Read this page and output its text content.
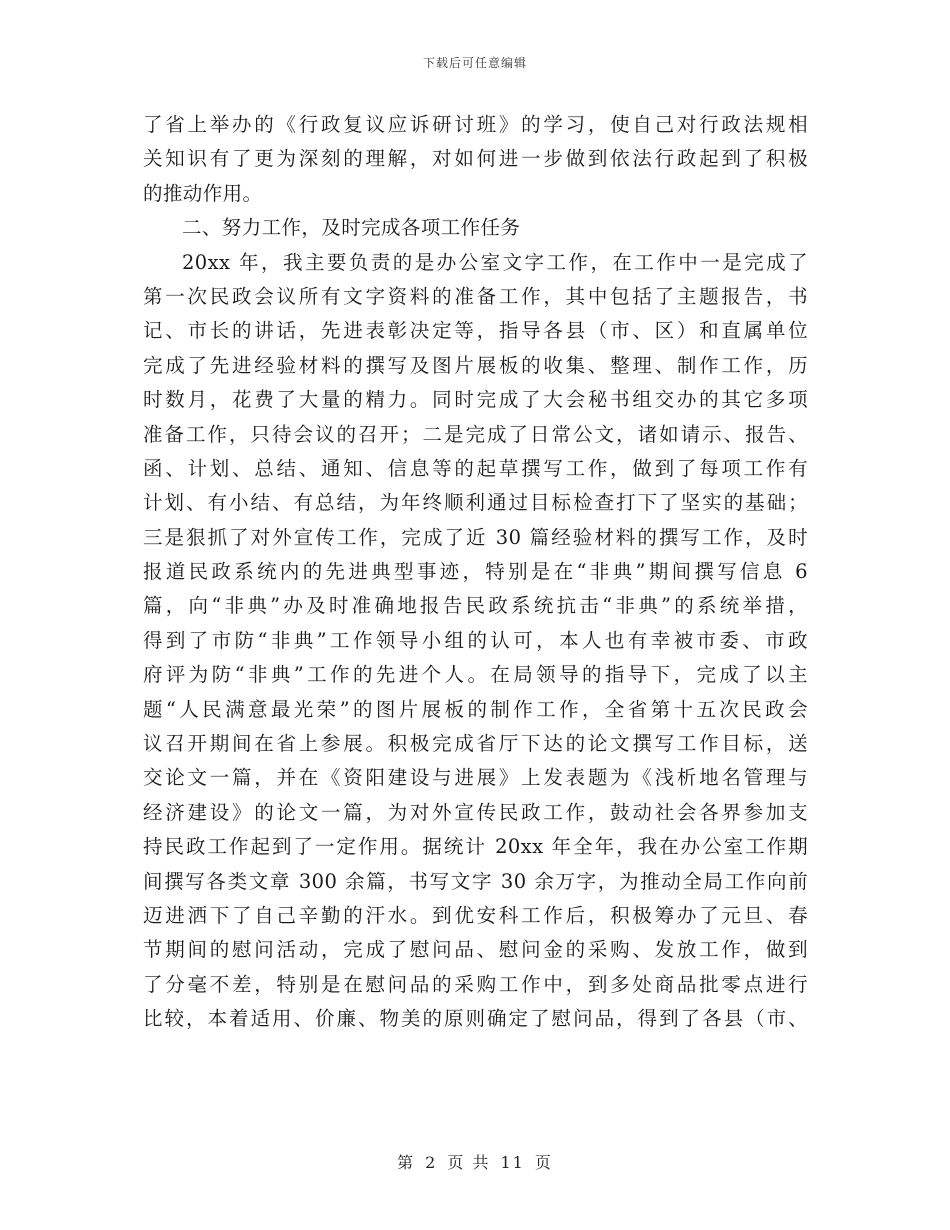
下载后可任意编辑
了省上举办的《行政复议应诉研讨班》的学习，使自己对行政法规相
关知识有了更为深刻的理解，对如何进一步做到依法行政起到了积极
的推动作用。
二、努力工作，及时完成各项工作任务
20xx 年，我主要负责的是办公室文字工作，在工作中一是完成了
第一次民政会议所有文字资料的准备工作，其中包括了主题报告，书
记、市长的讲话，先进表彰决定等，指导各县（市、区）和直属单位
完成了先进经验材料的撰写及图片展板的收集、整理、制作工作，历
时数月，花费了大量的精力。同时完成了大会秘书组交办的其它多项
准备工作，只待会议的召开；二是完成了日常公文，诸如请示、报告、
函、计划、总结、通知、信息等的起草撰写工作，做到了每项工作有
计划、有小结、有总结，为年终顺利通过目标检查打下了坚实的基础；
三是狠抓了对外宣传工作，完成了近 30 篇经验材料的撰写工作，及时
报道民政系统内的先进典型事迹，特别是在“非典”期间撰写信息 6
篇，向“非典”办及时准确地报告民政系统抗击“非典”的系统举措，
得到了市防“非典”工作领导小组的认可，本人也有幸被市委、市政
府评为防“非典”工作的先进个人。在局领导的指导下，完成了以主
题“人民满意最光荣”的图片展板的制作工作，全省第十五次民政会
议召开期间在省上参展。积极完成省厅下达的论文撰写工作目标，送
交论文一篇，并在《资阳建设与进展》上发表题为《浅析地名管理与
经济建设》的论文一篇，为对外宣传民政工作，鼓动社会各界参加支
持民政工作起到了一定作用。据统计 20xx 年全年，我在办公室工作期
间撰写各类文章 300 余篇，书写文字 30 余万字，为推动全局工作向前
迈进洒下了自己辛勤的汗水。到优安科工作后，积极筹办了元旦、春
节期间的慰问活动，完成了慰问品、慰问金的采购、发放工作，做到
了分毫不差，特别是在慰问品的采购工作中，到多处商品批零点进行
比较，本着适用、价廉、物美的原则确定了慰问品，得到了各县（市、
第 2 页 共 11 页
